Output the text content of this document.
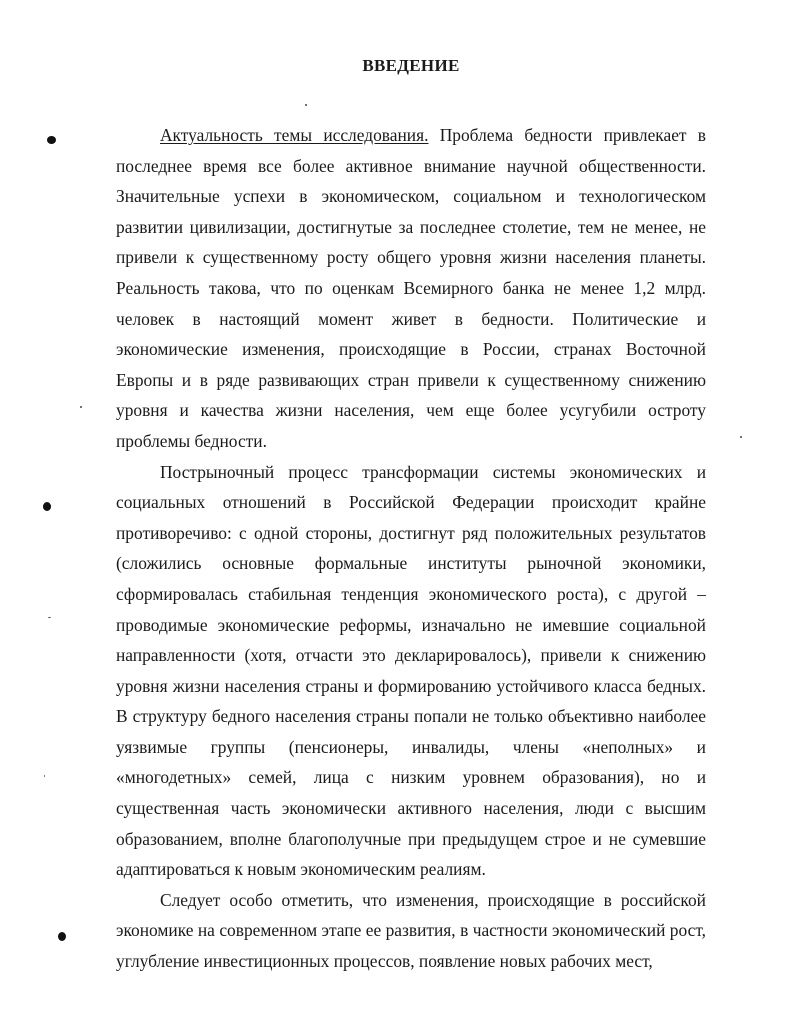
ВВЕДЕНИЕ

Актуальность темы исследования. Проблема бедности привлекает в последнее время все более активное внимание научной общественности. Значительные успехи в экономическом, социальном и технологическом развитии цивилизации, достигнутые за последнее столетие, тем не менее, не привели к существенному росту общего уровня жизни населения планеты. Реальность такова, что по оценкам Всемирного банка не менее 1,2 млрд. человек в настоящий момент живет в бедности. Политические и экономические изменения, происходящие в России, странах Восточной Европы и в ряде развивающих стран привели к существенному снижению уровня и качества жизни населения, чем еще более усугубили остроту проблемы бедности.

Пострыночный процесс трансформации системы экономических и социальных отношений в Российской Федерации происходит крайне противоречиво: с одной стороны, достигнут ряд положительных результатов (сложились основные формальные институты рыночной экономики, сформировалась стабильная тенденция экономического роста), с другой – проводимые экономические реформы, изначально не имевшие социальной направленности (хотя, отчасти это декларировалось), привели к снижению уровня жизни населения страны и формированию устойчивого класса бедных. В структуру бедного населения страны попали не только объективно наиболее уязвимые группы (пенсионеры, инвалиды, члены «неполных» и «многодетных» семей, лица с низким уровнем образования), но и существенная часть экономически активного населения, люди с высшим образованием, вполне благополучные при предыдущем строе и не сумевшие адаптироваться к новым экономическим реалиям.

Следует особо отметить, что изменения, происходящие в российской экономике на современном этапе ее развития, в частности экономический рост, углубление инвестиционных процессов, появление новых рабочих мест,
